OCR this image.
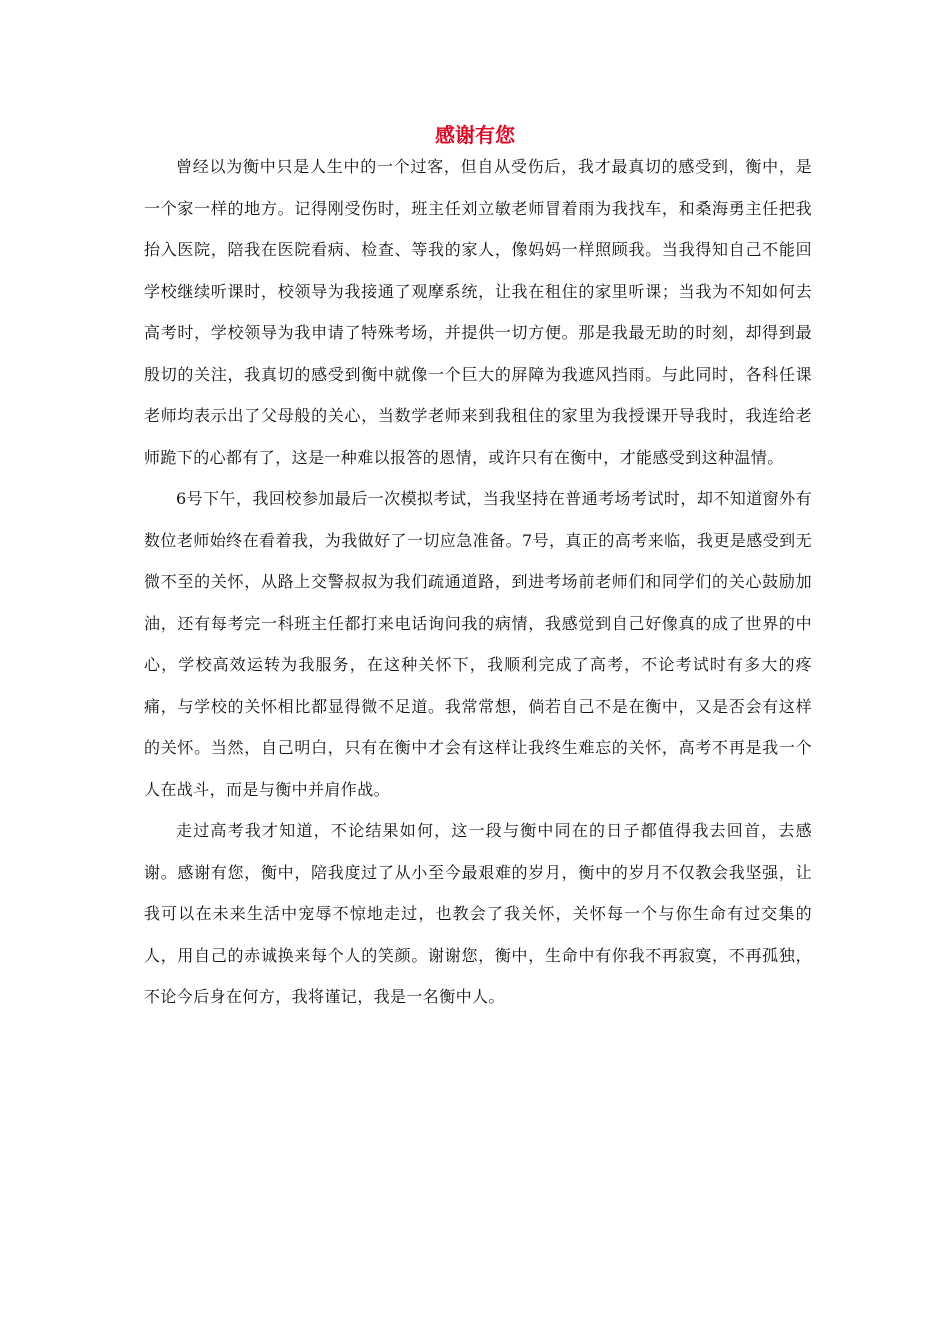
感谢有您

曾经以为衡中只是人生中的一个过客，但自从受伤后，我才最真切的感受到，衡中，是一个家一样的地方。记得刚受伤时，班主任刘立敏老师冒着雨为我找车，和桑海勇主任把我抬入医院，陪我在医院看病、检查、等我的家人，像妈妈一样照顾我。当我得知自己不能回学校继续听课时，校领导为我接通了观摩系统，让我在租住的家里听课；当我为不知如何去高考时，学校领导为我申请了特殊考场，并提供一切方便。那是我最无助的时刻，却得到最殷切的关注，我真切的感受到衡中就像一个巨大的屏障为我遮风挡雨。与此同时，各科任课老师均表示出了父母般的关心，当数学老师来到我租住的家里为我授课开导我时，我连给老师跪下的心都有了，这是一种难以报答的恩情，或许只有在衡中，才能感受到这种温情。

6号下午，我回校参加最后一次模拟考试，当我坚持在普通考场考试时，却不知道窗外有数位老师始终在看着我，为我做好了一切应急准备。7号，真正的高考来临，我更是感受到无微不至的关怀，从路上交警叔叔为我们疏通道路，到进考场前老师们和同学们的关心鼓励加油，还有每考完一科班主任都打来电话询问我的病情，我感觉到自己好像真的成了世界的中心，学校高效运转为我服务，在这种关怀下，我顺利完成了高考，不论考试时有多大的疼痛，与学校的关怀相比都显得微不足道。我常常想，倘若自己不是在衡中，又是否会有这样的关怀。当然，自己明白，只有在衡中才会有这样让我终生难忘的关怀，高考不再是我一个人在战斗，而是与衡中并肩作战。

走过高考我才知道，不论结果如何，这一段与衡中同在的日子都值得我去回首，去感谢。感谢有您，衡中，陪我度过了从小至今最艰难的岁月，衡中的岁月不仅教会我坚强，让我可以在未来生活中宠辱不惊地走过，也教会了我关怀，关怀每一个与你生命有过交集的人，用自己的赤诚换来每个人的笑颜。谢谢您，衡中，生命中有你我不再寂寞，不再孤独， 不论今后身在何方，我将谨记，我是一名衡中人。
